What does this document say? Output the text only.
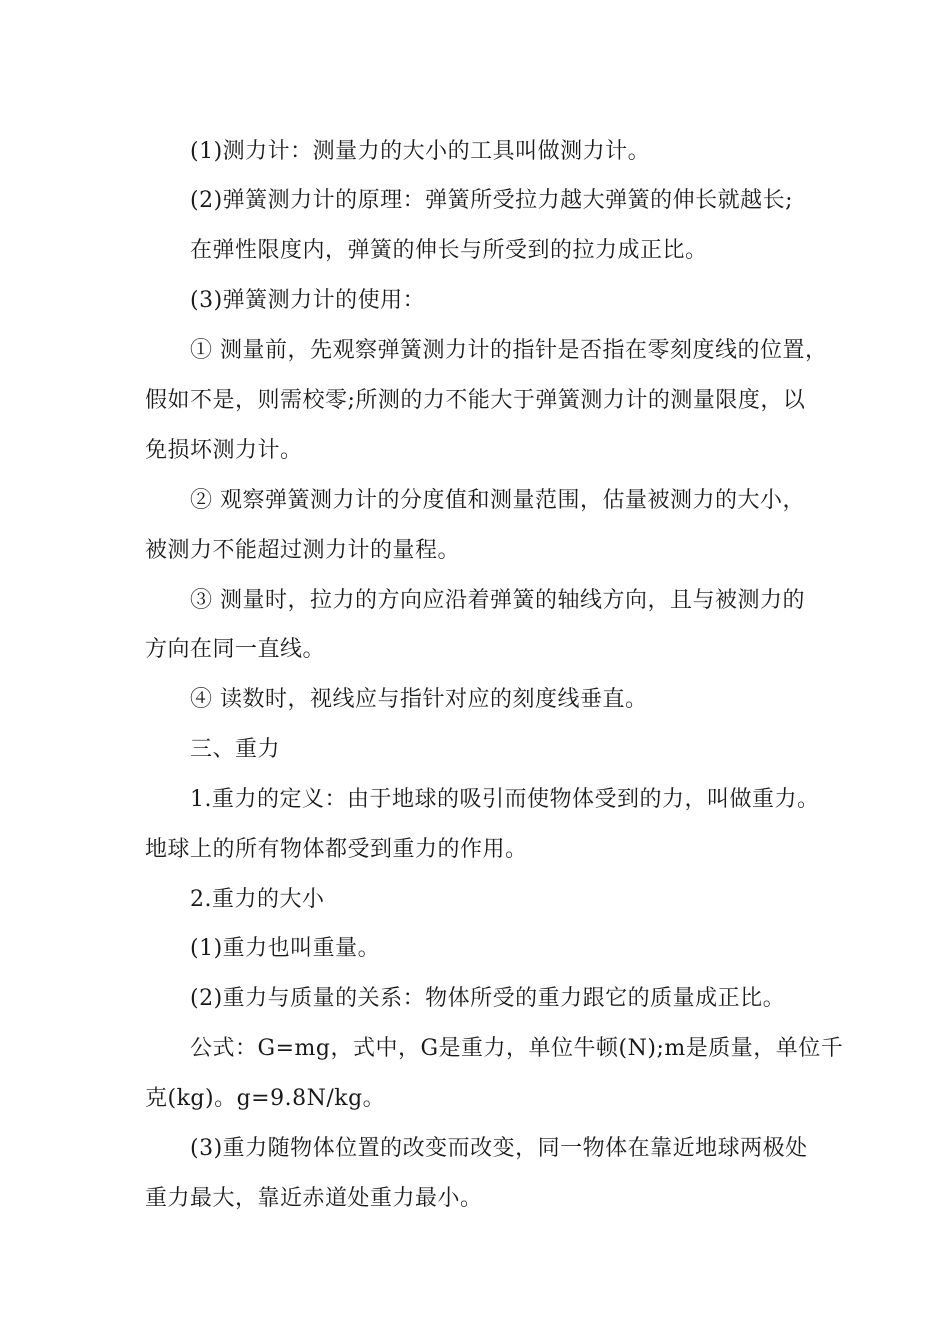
(1)测力计：测量力的大小的工具叫做测力计。
(2)弹簧测力计的原理：弹簧所受拉力越大弹簧的伸长就越长;
在弹性限度内，弹簧的伸长与所受到的拉力成正比。
(3)弹簧测力计的使用：
① 测量前，先观察弹簧测力计的指针是否指在零刻度线的位置，
假如不是，则需校零;所测的力不能大于弹簧测力计的测量限度，以
免损坏测力计。
② 观察弹簧测力计的分度值和测量范围，估量被测力的大小，
被测力不能超过测力计的量程。
③ 测量时，拉力的方向应沿着弹簧的轴线方向，且与被测力的
方向在同一直线。
④ 读数时，视线应与指针对应的刻度线垂直。
三、重力
1.重力的定义：由于地球的吸引而使物体受到的力，叫做重力。
地球上的所有物体都受到重力的作用。
2.重力的大小
(1)重力也叫重量。
(2)重力与质量的关系：物体所受的重力跟它的质量成正比。
公式：G=mg，式中，G是重力，单位牛顿(N);m是质量，单位千
克(kg)。g=9.8N/kg。
(3)重力随物体位置的改变而改变，同一物体在靠近地球两极处
重力最大，靠近赤道处重力最小。
